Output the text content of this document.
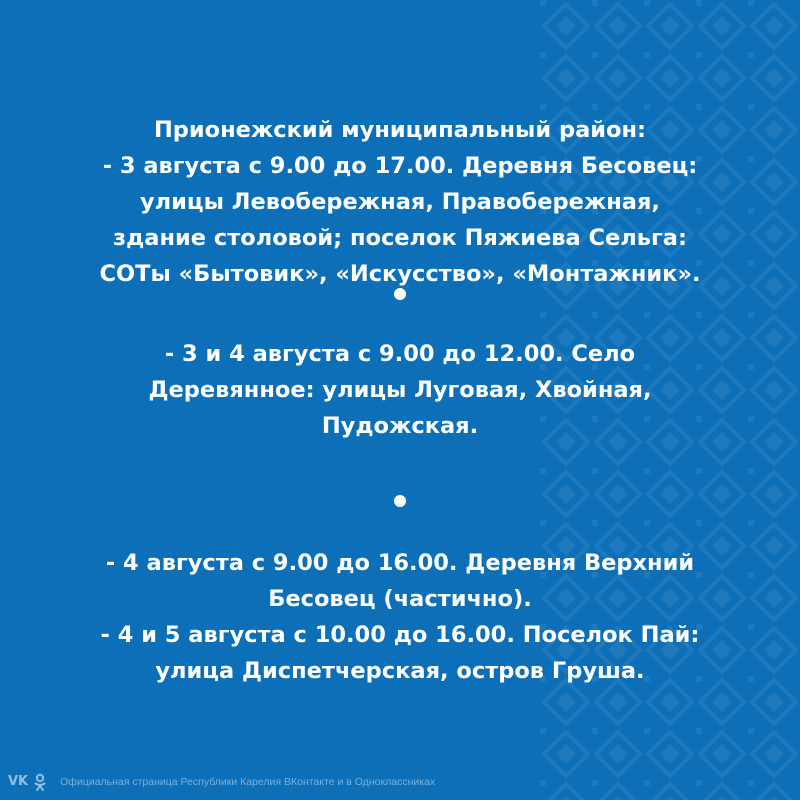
Прионежский муниципальный район:
- 3 августа с 9.00 до 17.00. Деревня Бесовец:
улицы Левобережная, Правобережная,
здание столовой; поселок Пяжиева Сельга:
СОТы «Бытовик», «Искусство», «Монтажник».
- 3 и 4 августа с 9.00 до 12.00. Село
Деревянное: улицы Луговая, Хвойная,
Пудожская.
- 4 августа с 9.00 до 16.00. Деревня Верхний
Бесовец (частично).
- 4 и 5 августа с 10.00 до 16.00. Поселок Пай:
улица Диспетчерская, остров Груша.
VK	Официальная страница Республики Карелия ВКонтакте и в Одноклассниках
